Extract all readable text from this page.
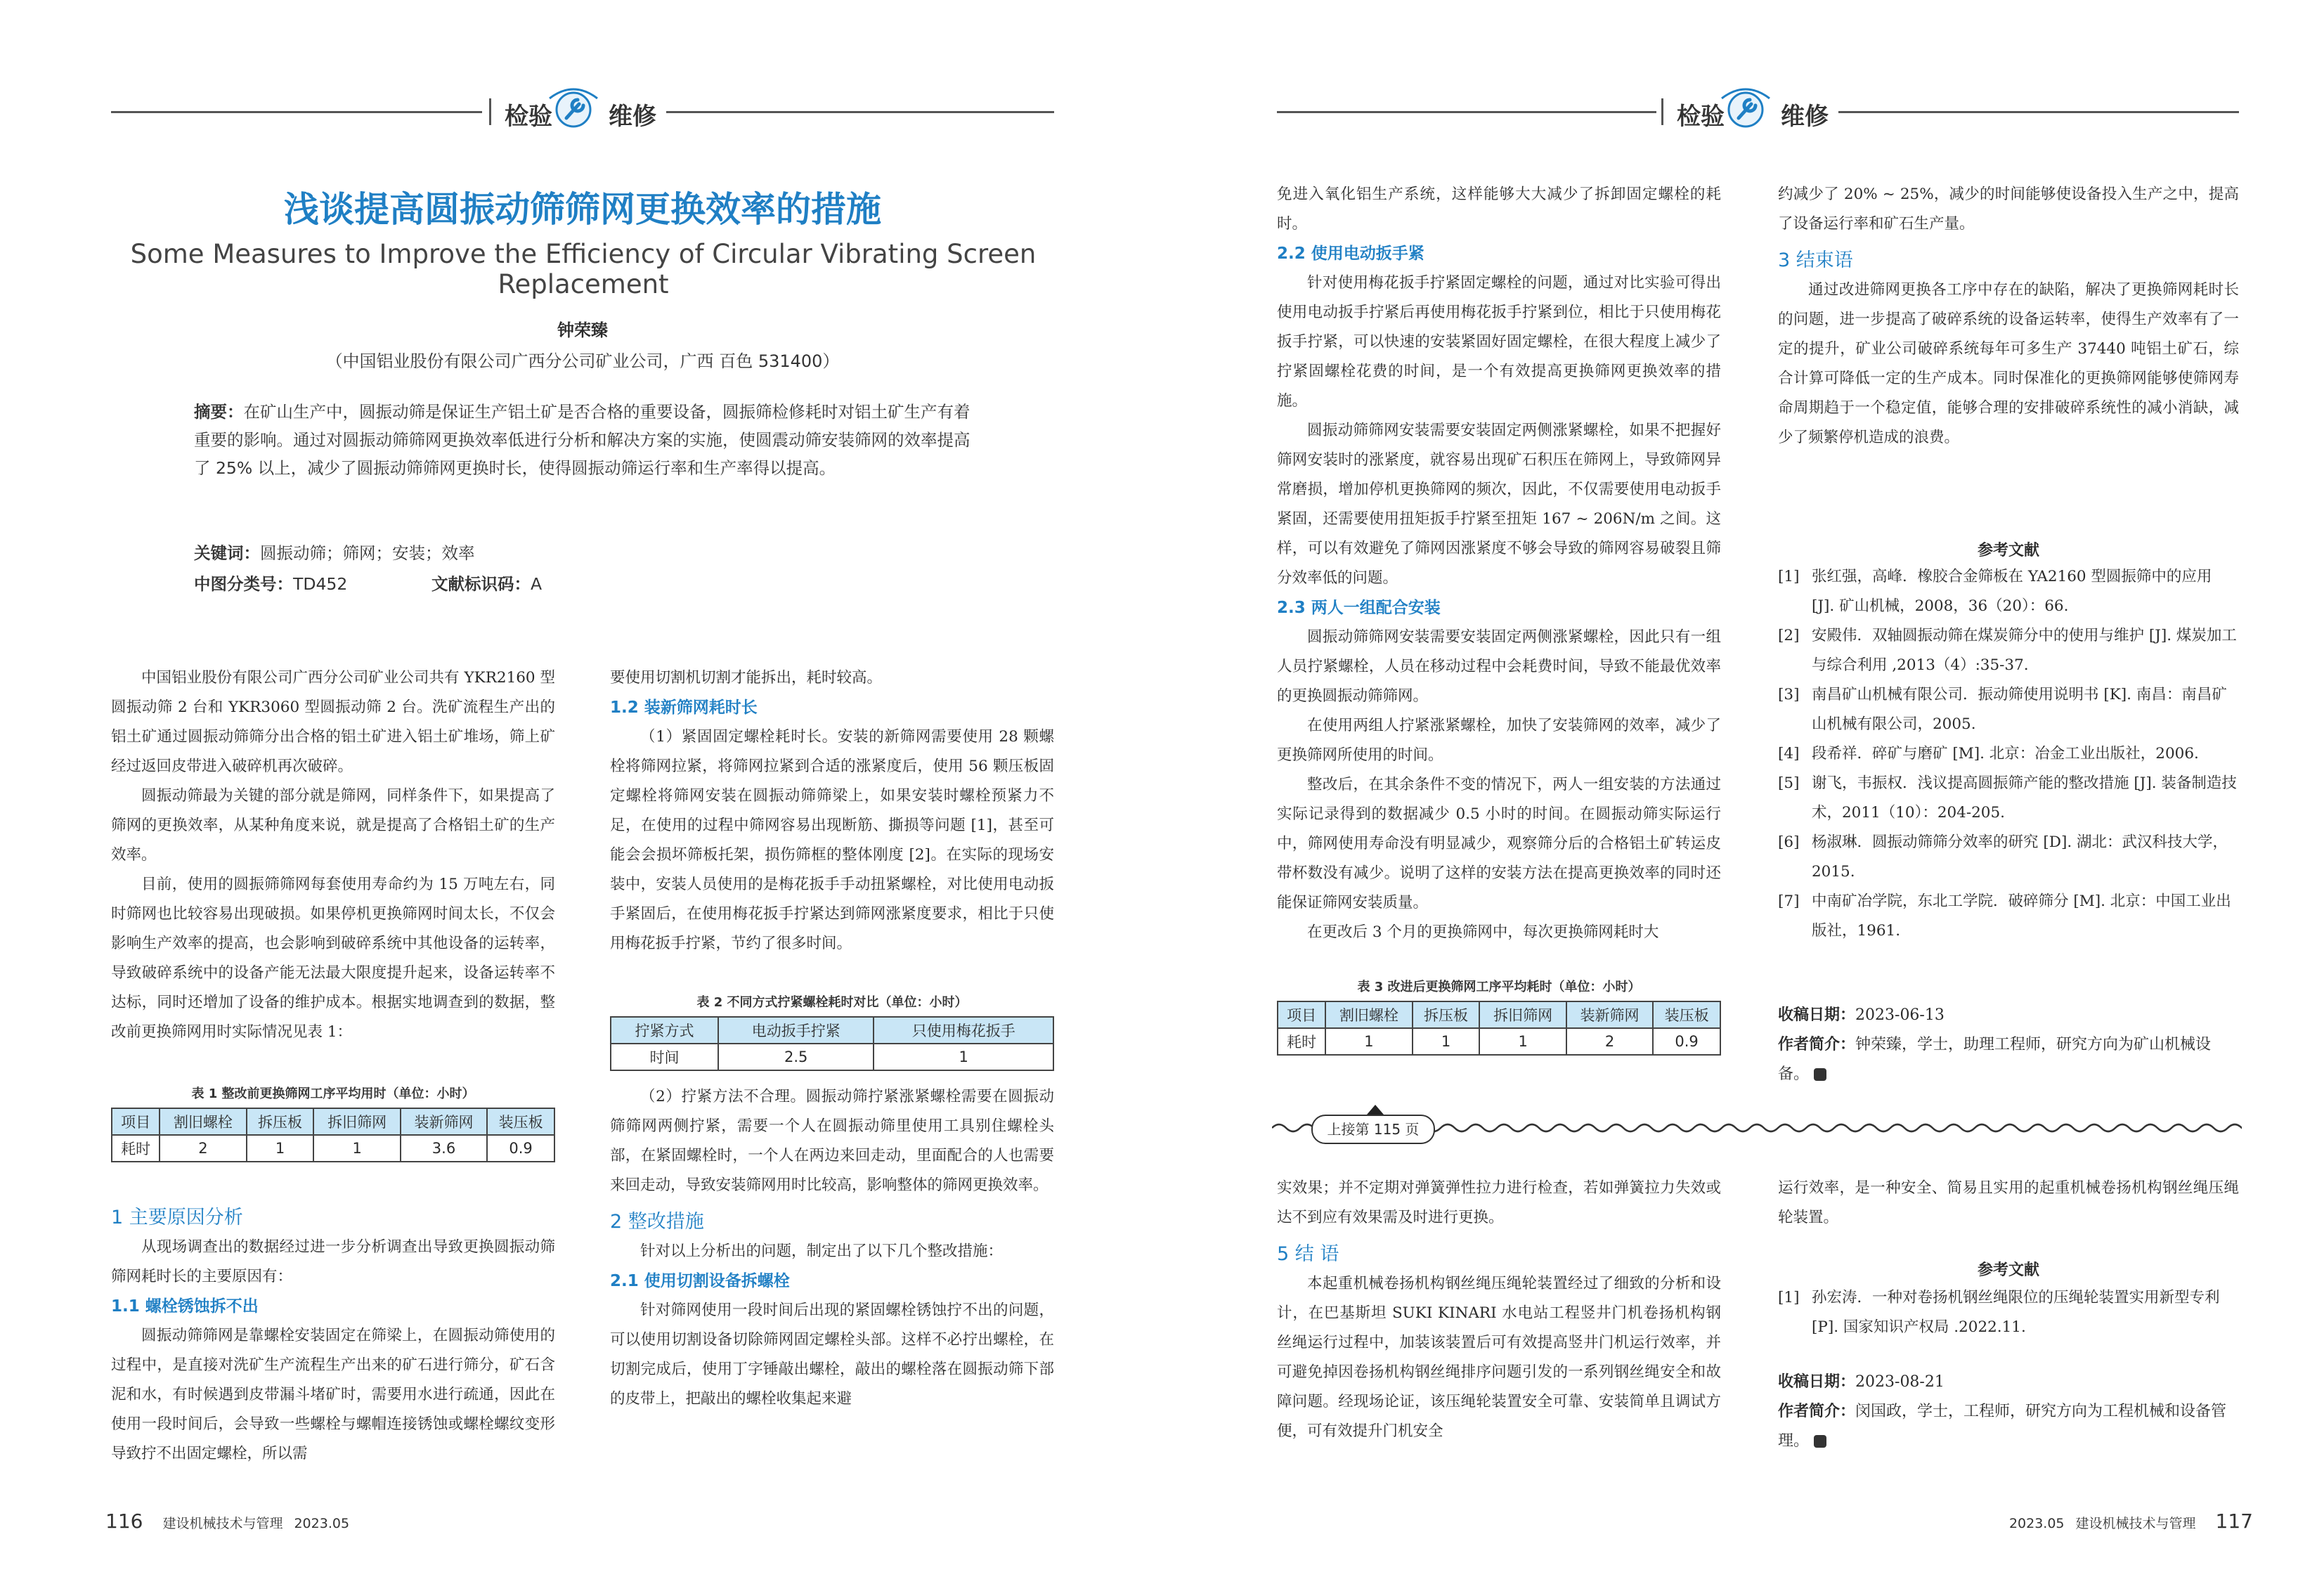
检验 维修	检验 维修
浅谈提高圆振动筛筛网更换效率的措施
Some Measures to Improve the Efficiency of Circular Vibrating Screen Replacement
钟荣臻
（中国铝业股份有限公司广西分公司矿业公司，广西 百色 531400）
摘要：在矿山生产中，圆振动筛是保证生产铝土矿是否合格的重要设备，圆振筛检修耗时对铝土矿生产有着重要的影响。通过对圆振动筛筛网更换效率低进行分析和解决方案的实施，使圆震动筛安装筛网的效率提高了 25% 以上，减少了圆振动筛筛网更换时长，使得圆振动筛运行率和生产率得以提高。
关键词：圆振动筛；筛网；安装；效率
中图分类号：TD452	文献标识码：A

中国铝业股份有限公司广西分公司矿业公司共有 YKR2160 型圆振动筛 2 台和 YKR3060 型圆振动筛 2 台。洗矿流程生产出的铝土矿通过圆振动筛筛分出合格的铝土矿进入铝土矿堆场，筛上矿经过返回皮带进入破碎机再次破碎。

圆振动筛最为关键的部分就是筛网，同样条件下，如果提高了筛网的更换效率，从某种角度来说，就是提高了合格铝土矿的生产效率。

目前，使用的圆振筛筛网每套使用寿命约为 15 万吨左右，同时筛网也比较容易出现破损。如果停机更换筛网时间太长，不仅会影响生产效率的提高，也会影响到破碎系统中其他设备的运转率，导致破碎系统中的设备产能无法最大限度提升起来，设备运转率不达标，同时还增加了设备的维护成本。根据实地调查到的数据，整改前更换筛网用时实际情况见表 1：

表 1 整改前更换筛网工序平均用时（单位：小时）
项目	割旧螺栓	拆压板	拆旧筛网	装新筛网	装压板
耗时	2	1	1	3.6	0.9
1 主要原因分析

从现场调查出的数据经过进一步分析调查出导致更换圆振动筛筛网耗时长的主要原因有：

1.1 螺栓锈蚀拆不出

圆振动筛筛网是靠螺栓安装固定在筛梁上，在圆振动筛使用的过程中，是直接对洗矿生产流程生产出来的矿石进行筛分，矿石含泥和水，有时候遇到皮带漏斗堵矿时，需要用水进行疏通，因此在使用一段时间后，会导致一些螺栓与螺帽连接锈蚀或螺栓螺纹变形导致拧不出固定螺栓，所以需

要使用切割机切割才能拆出，耗时较高。

1.2 装新筛网耗时长

（1）紧固固定螺栓耗时长。安装的新筛网需要使用 28 颗螺栓将筛网拉紧，将筛网拉紧到合适的涨紧度后，使用 56 颗压板固定螺栓将筛网安装在圆振动筛筛梁上，如果安装时螺栓预紧力不足，在使用的过程中筛网容易出现断筋、撕损等问题 [1]，甚至可能会会损坏筛板托架，损伤筛框的整体刚度 [2]。在实际的现场安装中，安装人员使用的是梅花扳手手动扭紧螺栓，对比使用电动扳手紧固后，在使用梅花扳手拧紧达到筛网涨紧度要求，相比于只使用梅花扳手拧紧，节约了很多时间。

表 2 不同方式拧紧螺栓耗时对比（单位：小时）
拧紧方式	电动扳手拧紧	只使用梅花扳手
时间	2.5	1

（2）拧紧方法不合理。圆振动筛拧紧涨紧螺栓需要在圆振动筛筛网两侧拧紧，需要一个人在圆振动筛里使用工具别住螺栓头部，在紧固螺栓时，一个人在两边来回走动，里面配合的人也需要来回走动，导致安装筛网用时比较高，影响整体的筛网更换效率。

2 整改措施

针对以上分析出的问题，制定出了以下几个整改措施：

2.1 使用切割设备拆螺栓

针对筛网使用一段时间后出现的紧固螺栓锈蚀拧不出的问题，可以使用切割设备切除筛网固定螺栓头部。这样不必拧出螺栓，在切割完成后，使用丁字锤敲出螺栓，敲出的螺栓落在圆振动筛下部的皮带上，把敲出的螺栓收集起来避

免进入氧化铝生产系统，这样能够大大减少了拆卸固定螺栓的耗时。

2.2 使用电动扳手紧

针对使用梅花扳手拧紧固定螺栓的问题，通过对比实验可得出使用电动扳手拧紧后再使用梅花扳手拧紧到位，相比于只使用梅花扳手拧紧，可以快速的安装紧固好固定螺栓，在很大程度上减少了拧紧固螺栓花费的时间，是一个有效提高更换筛网更换效率的措施。

圆振动筛筛网安装需要安装固定两侧涨紧螺栓，如果不把握好筛网安装时的涨紧度，就容易出现矿石积压在筛网上，导致筛网异常磨损，增加停机更换筛网的频次，因此，不仅需要使用电动扳手紧固，还需要使用扭矩扳手拧紧至扭矩 167 ~ 206N/m 之间。这样，可以有效避免了筛网因涨紧度不够会导致的筛网容易破裂且筛分效率低的问题。

2.3 两人一组配合安装

圆振动筛筛网安装需要安装固定两侧涨紧螺栓，因此只有一组人员拧紧螺栓，人员在移动过程中会耗费时间，导致不能最优效率的更换圆振动筛筛网。

在使用两组人拧紧涨紧螺栓，加快了安装筛网的效率，减少了更换筛网所使用的时间。

整改后，在其余条件不变的情况下，两人一组安装的方法通过实际记录得到的数据减少 0.5 小时的时间。在圆振动筛实际运行中，筛网使用寿命没有明显减少，观察筛分后的合格铝土矿转运皮带杯数没有减少。说明了这样的安装方法在提高更换效率的同时还能保证筛网安装质量。

在更改后 3 个月的更换筛网中，每次更换筛网耗时大

表 3 改进后更换筛网工序平均耗时（单位：小时）
项目	割旧螺栓	拆压板	拆旧筛网	装新筛网	装压板
耗时	1	1	1	2	0.9

约减少了 20% ~ 25%，减少的时间能够使设备投入生产之中，提高了设备运行率和矿石生产量。

3 结束语

通过改进筛网更换各工序中存在的缺陷，解决了更换筛网耗时长的问题，进一步提高了破碎系统的设备运转率，使得生产效率有了一定的提升，矿业公司破碎系统每年可多生产 37440 吨铝土矿石，综合计算可降低一定的生产成本。同时保准化的更换筛网能够使筛网寿命周期趋于一个稳定值，能够合理的安排破碎系统性的减小消缺，减少了频繁停机造成的浪费。

参考文献
[1] 张红强，高峰．橡胶合金筛板在 YA2160 型圆振筛中的应用 [J]. 矿山机械，2008，36（20）：66.
[2] 安殿伟．双轴圆振动筛在煤炭筛分中的使用与维护 [J]. 煤炭加工与综合利用 ,2013（4）:35-37.
[3] 南昌矿山机械有限公司．振动筛使用说明书 [K]. 南昌：南昌矿山机械有限公司，2005.
[4] 段希祥．碎矿与磨矿 [M]. 北京：冶金工业出版社，2006.
[5] 谢飞，韦振权．浅议提高圆振筛产能的整改措施 [J]. 装备制造技术，2011（10）：204-205.
[6] 杨淑琳．圆振动筛筛分效率的研究 [D]. 湖北：武汉科技大学，2015.
[7] 中南矿冶学院，东北工学院．破碎筛分 [M]. 北京：中国工业出版社，1961.
收稿日期：2023-06-13
作者简介：钟荣臻，学士，助理工程师，研究方向为矿山机械设备。
上接第 115 页

实效果；并不定期对弹簧弹性拉力进行检查，若如弹簧拉力失效或达不到应有效果需及时进行更换。

5 结 语

本起重机械卷扬机构钢丝绳压绳轮装置经过了细致的分析和设计，在巴基斯坦 SUKI KINARI 水电站工程竖井门机卷扬机构钢丝绳运行过程中，加装该装置后可有效提高竖井门机运行效率，并可避免掉因卷扬机构钢丝绳排序问题引发的一系列钢丝绳安全和故障问题。经现场论证，该压绳轮装置安全可靠、安装简单且调试方便，可有效提升门机安全

运行效率，是一种安全、简易且实用的起重机械卷扬机构钢丝绳压绳轮装置。

参考文献
[1] 孙宏涛．一种对卷扬机钢丝绳限位的压绳轮装置实用新型专利 [P]. 国家知识产权局 .2022.11.
收稿日期：2023-08-21
作者简介：闵国政，学士，工程师，研究方向为工程机械和设备管理。
116 建设机械技术与管理 2023.05	2023.05 建设机械技术与管理 117
